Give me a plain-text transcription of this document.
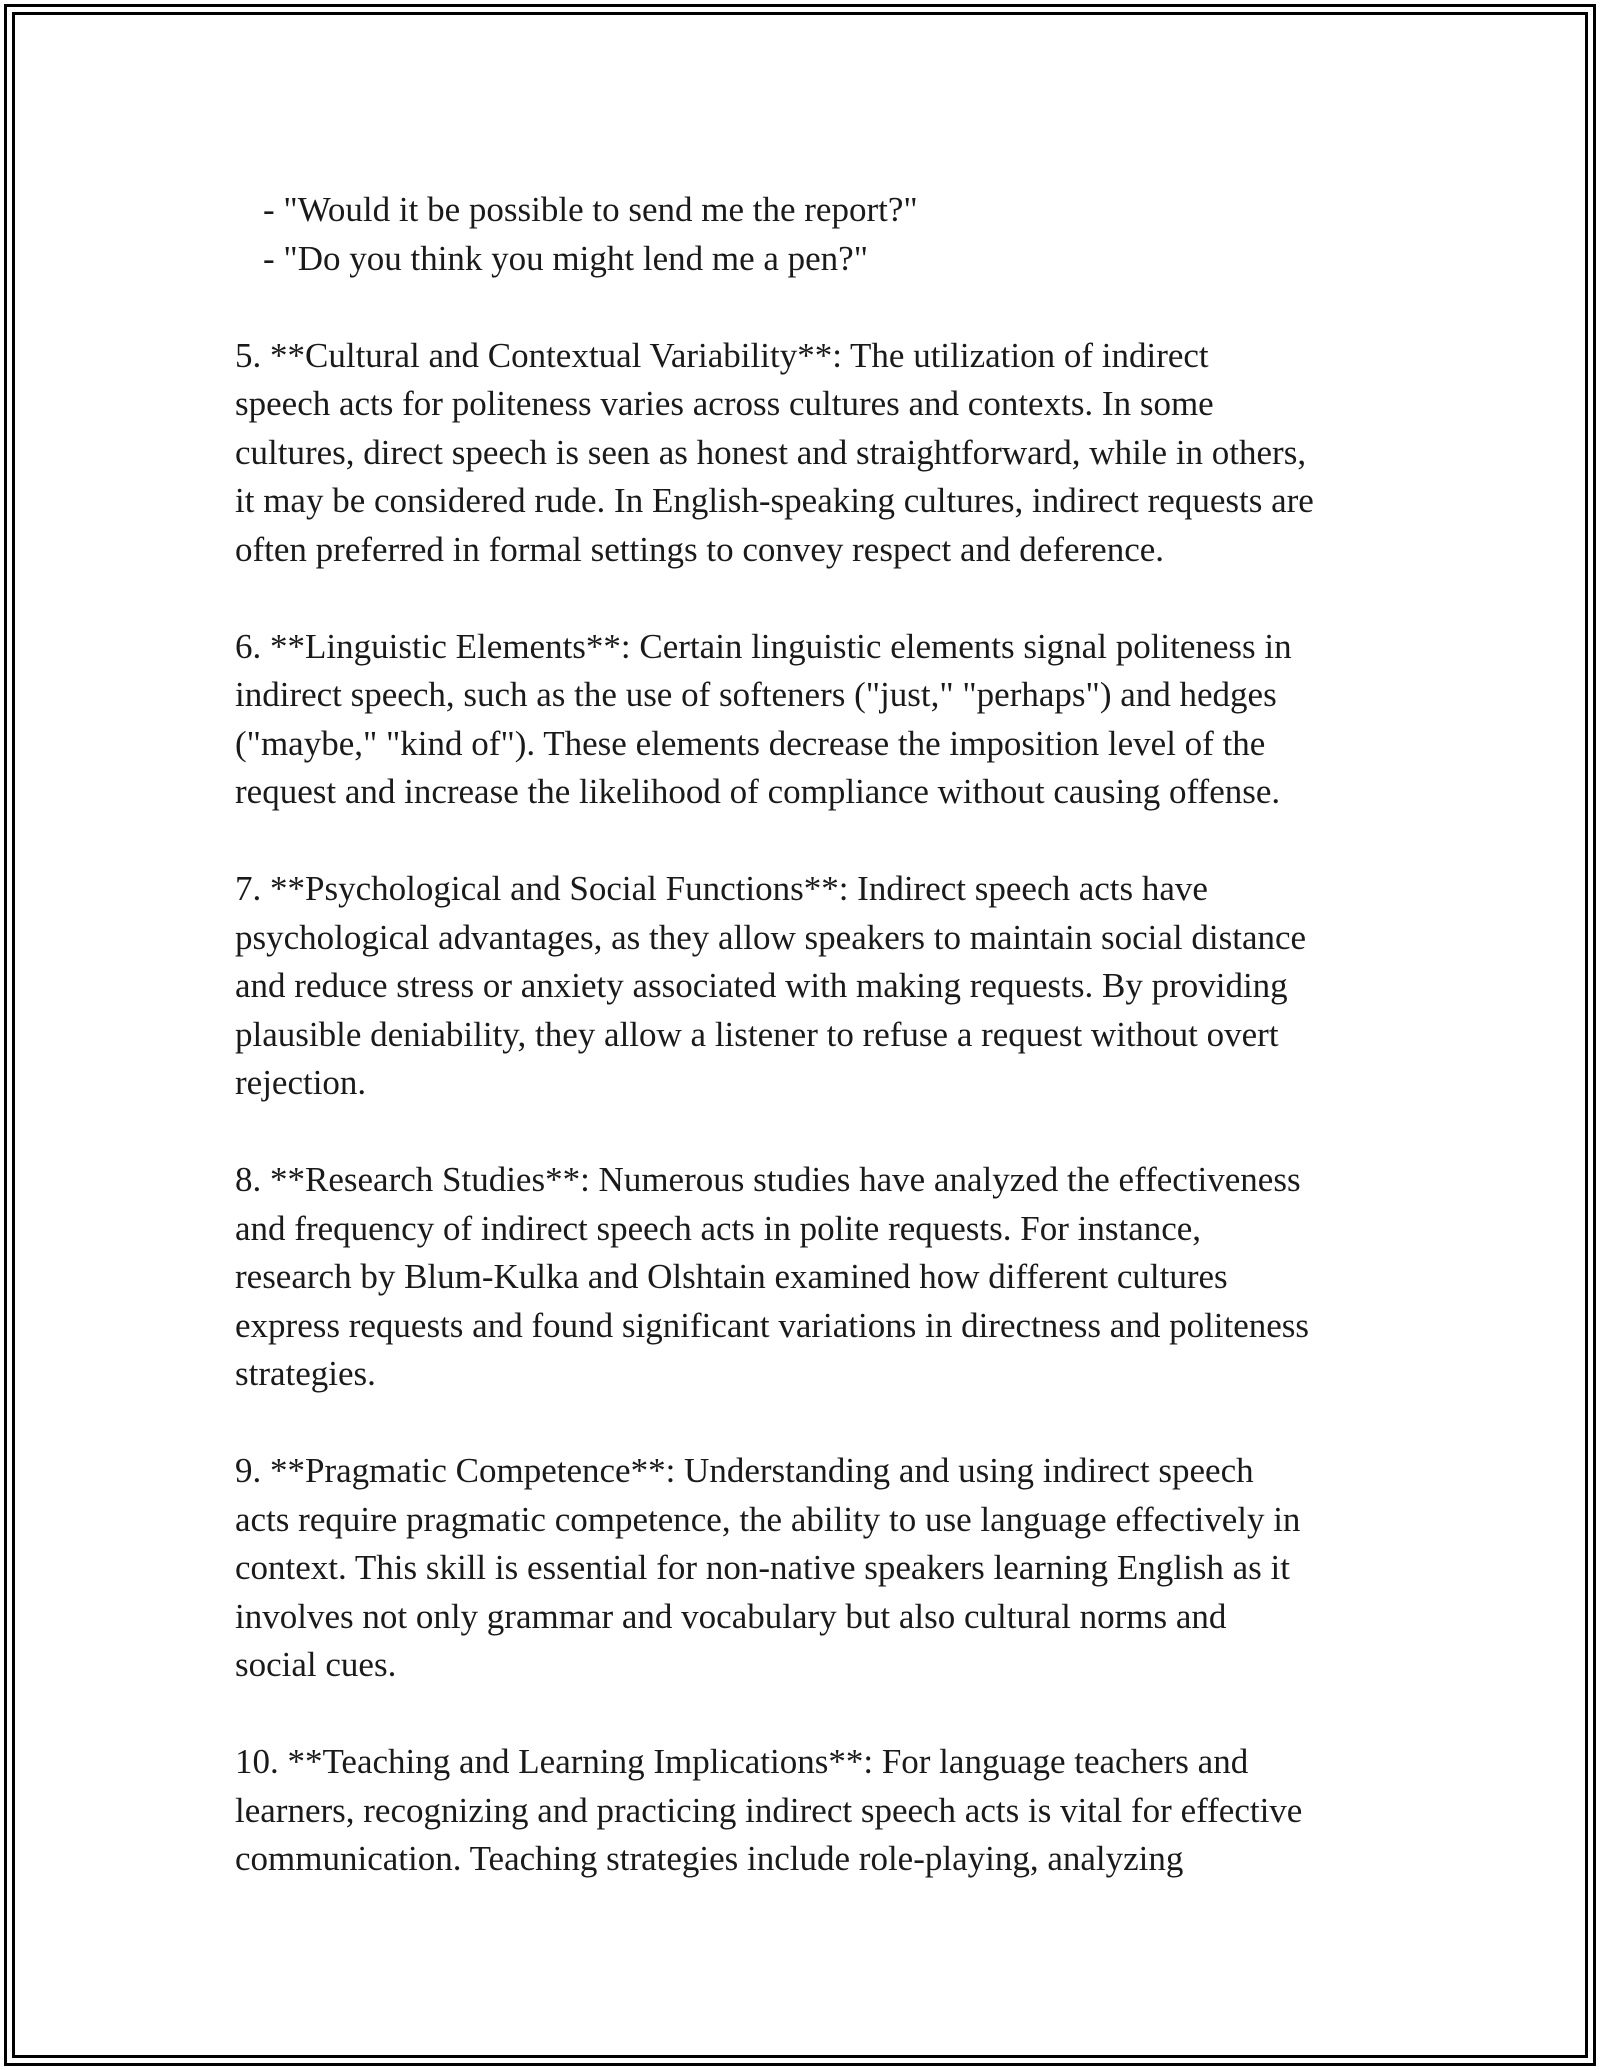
- "Would it be possible to send me the report?"
- "Do you think you might lend me a pen?"
5. **Cultural and Contextual Variability**: The utilization of indirect
speech acts for politeness varies across cultures and contexts. In some
cultures, direct speech is seen as honest and straightforward, while in others,
it may be considered rude. In English-speaking cultures, indirect requests are
often preferred in formal settings to convey respect and deference.
6. **Linguistic Elements**: Certain linguistic elements signal politeness in
indirect speech, such as the use of softeners ("just," "perhaps") and hedges
("maybe," "kind of"). These elements decrease the imposition level of the
request and increase the likelihood of compliance without causing offense.
7. **Psychological and Social Functions**: Indirect speech acts have
psychological advantages, as they allow speakers to maintain social distance
and reduce stress or anxiety associated with making requests. By providing
plausible deniability, they allow a listener to refuse a request without overt
rejection.
8. **Research Studies**: Numerous studies have analyzed the effectiveness
and frequency of indirect speech acts in polite requests. For instance,
research by Blum-Kulka and Olshtain examined how different cultures
express requests and found significant variations in directness and politeness
strategies.
9. **Pragmatic Competence**: Understanding and using indirect speech
acts require pragmatic competence, the ability to use language effectively in
context. This skill is essential for non-native speakers learning English as it
involves not only grammar and vocabulary but also cultural norms and
social cues.
10. **Teaching and Learning Implications**: For language teachers and
learners, recognizing and practicing indirect speech acts is vital for effective
communication. Teaching strategies include role-playing, analyzing
